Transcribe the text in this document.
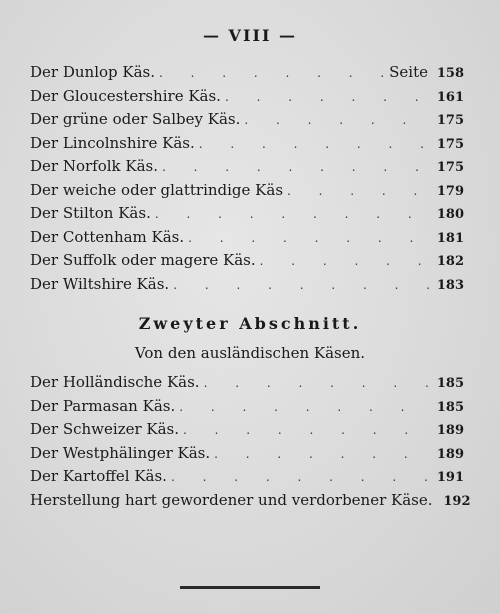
— VIII —
Der Dunlop Käs. . . .	Seite 158
Der Gloucestershire Käs. . . .	161
Der grüne oder Salbey Käs. . . .	175
Der Lincolnshire Käs. . . .	175
Der Norfolk Käs. . . .	175
Der weiche oder glattrindige Käs . . .	179
Der Stilton Käs. . . .	180
Der Cottenham Käs. . . .	181
Der Suffolk oder magere Käs. . . .	182
Der Wiltshire Käs. . . .	183
Zweyter Abschnitt.
Von den ausländischen Käsen.
Der Holländische Käs. . . .	185
Der Parmasan Käs. . . .	185
Der Schweizer Käs. . . .	189
Der Westphälinger Käs. . . .	189
Der Kartoffel Käs. . . .	191
Herstellung hart gewordener und verdorbener Käse. 192
